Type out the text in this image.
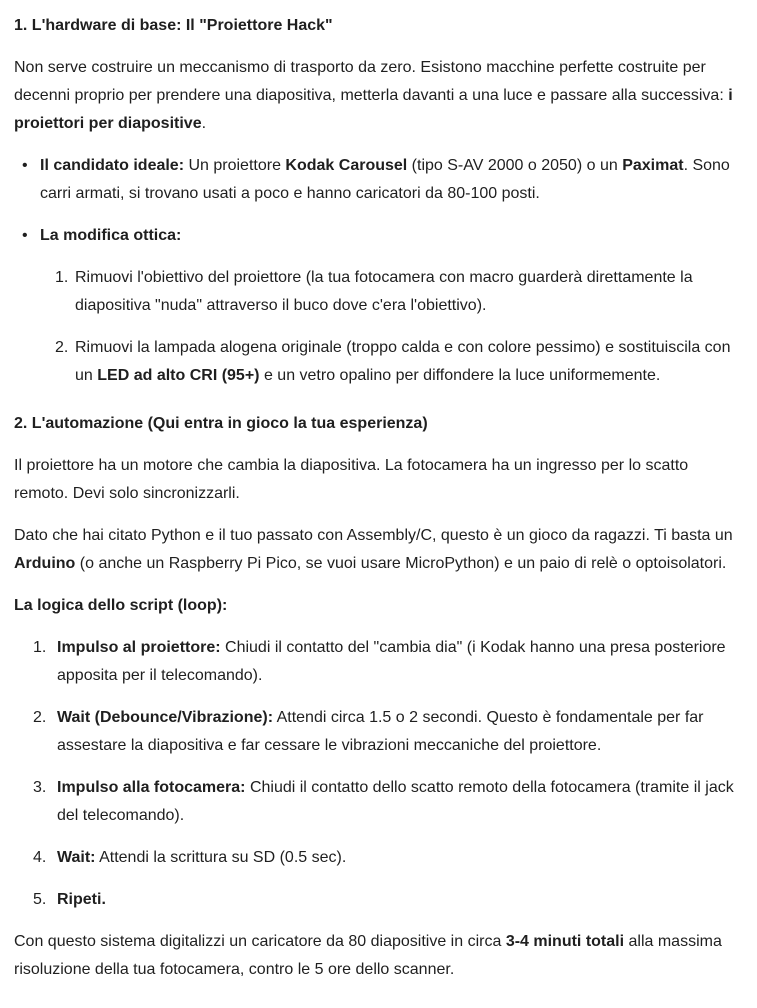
1. L'hardware di base: Il "Proiettore Hack"

Non serve costruire un meccanismo di trasporto da zero. Esistono macchine perfette costruite per decenni proprio per prendere una diapositiva, metterla davanti a una luce e passare alla successiva: i proiettori per diapositive.

• Il candidato ideale: Un proiettore Kodak Carousel (tipo S-AV 2000 o 2050) o un Paximat. Sono carri armati, si trovano usati a poco e hanno caricatori da 80-100 posti.
• La modifica ottica:
Rimuovi l'obiettivo del proiettore (la tua fotocamera con macro guarderà direttamente la diapositiva "nuda" attraverso il buco dove c'era l'obiettivo).
Rimuovi la lampada alogena originale (troppo calda e con colore pessimo) e sostituiscila con un LED ad alto CRI (95+) e un vetro opalino per diffondere la luce uniformemente.
2. L'automazione (Qui entra in gioco la tua esperienza)

Il proiettore ha un motore che cambia la diapositiva. La fotocamera ha un ingresso per lo scatto remoto. Devi solo sincronizzarli.

Dato che hai citato Python e il tuo passato con Assembly/C, questo è un gioco da ragazzi. Ti basta un Arduino (o anche un Raspberry Pi Pico, se vuoi usare MicroPython) e un paio di relè o optoisolatori.

La logica dello script (loop):

Impulso al proiettore: Chiudi il contatto del "cambia dia" (i Kodak hanno una presa posteriore apposita per il telecomando).
Wait (Debounce/Vibrazione): Attendi circa 1.5 o 2 secondi. Questo è fondamentale per far assestare la diapositiva e far cessare le vibrazioni meccaniche del proiettore.
Impulso alla fotocamera: Chiudi il contatto dello scatto remoto della fotocamera (tramite il jack del telecomando).
Wait: Attendi la scrittura su SD (0.5 sec).
Ripeti.

Con questo sistema digitalizzi un caricatore da 80 diapositive in circa 3-4 minuti totali alla massima risoluzione della tua fotocamera, contro le 5 ore dello scanner.
